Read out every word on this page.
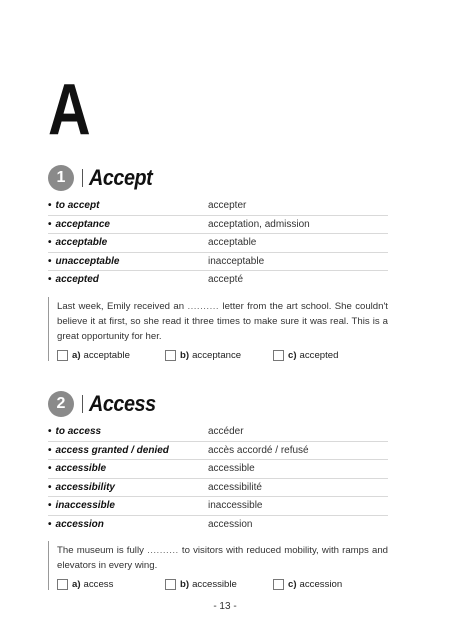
A
1	Accept
• to accept	accepter
• acceptance	acceptation, admission
• acceptable	acceptable
• unacceptable	inacceptable
• accepted	accepté
Last week, Emily received an .......... letter from the art school. She couldn't believe it at first, so she read it three times to make sure it was real. This is a great opportunity for her.
a) acceptable	b) acceptance	c) accepted
2	Access
• to access	accéder
• access granted / denied	accès accordé / refusé
• accessible	accessible
• accessibility	accessibilité
• inaccessible	inaccessible
• accession	accession
The museum is fully .......... to visitors with reduced mobility, with ramps and elevators in every wing.
a) access	b) accessible	c) accession
- 13 -
